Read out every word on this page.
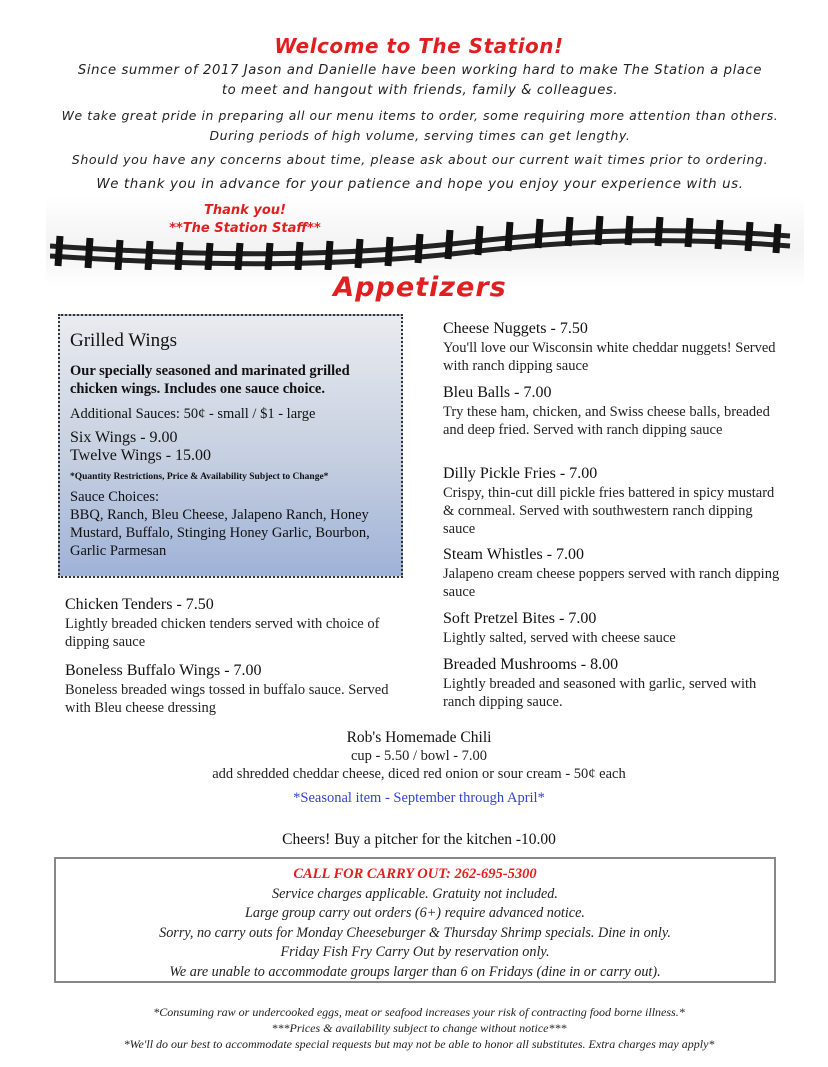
Welcome to The Station!
Since summer of 2017 Jason and Danielle have been working hard to make The Station a place
to meet and hangout with friends, family & colleagues.
We take great pride in preparing all our menu items to order, some requiring more attention than others.
During periods of high volume, serving times can get lengthy.
Should you have any concerns about time, please ask about our current wait times prior to ordering.
We thank you in advance for your patience and hope you enjoy your experience with us.
Thank you!
**The Station Staff**
Appetizers
Grilled Wings
Our specially seasoned and marinated grilled chicken wings. Includes one sauce choice.
Additional Sauces: 50¢ - small / $1 - large
Six Wings - 9.00
Twelve Wings - 15.00
*Quantity Restrictions, Price & Availability Subject to Change*
Sauce Choices:
BBQ, Ranch, Bleu Cheese, Jalapeno Ranch, Honey Mustard, Buffalo, Stinging Honey Garlic, Bourbon, Garlic Parmesan
Chicken Tenders - 7.50
Lightly breaded chicken tenders served with choice of dipping sauce
Boneless Buffalo Wings - 7.00
Boneless breaded wings tossed in buffalo sauce. Served with Bleu cheese dressing
Cheese Nuggets - 7.50
You'll love our Wisconsin white cheddar nuggets! Served with ranch dipping sauce
Bleu Balls - 7.00
Try these ham, chicken, and Swiss cheese balls, breaded and deep fried. Served with ranch dipping sauce
Dilly Pickle Fries - 7.00
Crispy, thin-cut dill pickle fries battered in spicy mustard & cornmeal. Served with southwestern ranch dipping sauce
Steam Whistles - 7.00
Jalapeno cream cheese poppers served with ranch dipping sauce
Soft Pretzel Bites - 7.00
Lightly salted, served with cheese sauce
Breaded Mushrooms - 8.00
Lightly breaded and seasoned with garlic, served with ranch dipping sauce.
Rob's Homemade Chili
cup - 5.50 / bowl - 7.00
add shredded cheddar cheese, diced red onion or sour cream - 50¢ each
*Seasonal item - September through April*
Cheers! Buy a pitcher for the kitchen -10.00
CALL FOR CARRY OUT: 262-695-5300
Service charges applicable. Gratuity not included.
Large group carry out orders (6+) require advanced notice.
Sorry, no carry outs for Monday Cheeseburger & Thursday Shrimp specials. Dine in only.
Friday Fish Fry Carry Out by reservation only.
We are unable to accommodate groups larger than 6 on Fridays (dine in or carry out).
*Consuming raw or undercooked eggs, meat or seafood increases your risk of contracting food borne illness.*
***Prices & availability subject to change without notice***
*We'll do our best to accommodate special requests but may not be able to honor all substitutes. Extra charges may apply*
